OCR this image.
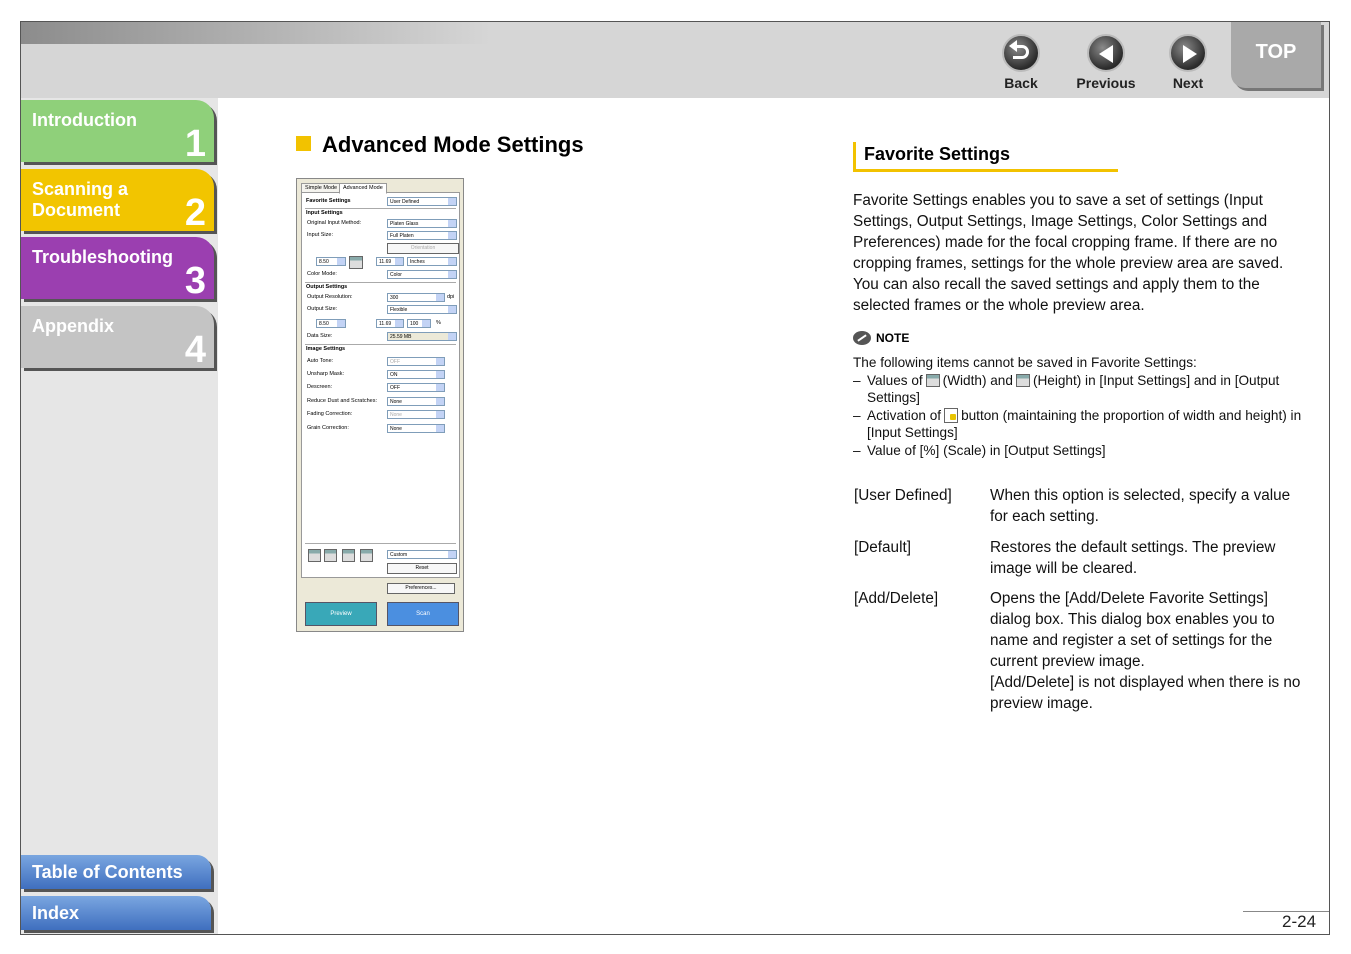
Back	Previous	Next
TOP
Introduction
1
Scanning a Document	2
Troubleshooting
3
Appendix
4
Table of Contents
Index
Advanced Mode Settings
Simple Mode	Advanced Mode
Favorite Settings	User Defined
Input Settings
Original Input Method:	Platen Glass
Input Size:	Full Platen
Orientation
8.50	11.69	Inches
Color Mode:	Color
Output Settings
Output Resolution:	300	dpi
Output Size:	Flexible
8.50	11.69	100	%
Data Size:	25.59 MB
Image Settings
Auto Tone:	OFF
Unsharp Mask:	ON
Descreen:	OFF
Reduce Dust and Scratches:	None
Fading Correction:	None
Grain Correction:	None
Custom
Reset
Preferences...
Preview	Scan
Favorite Settings
Favorite Settings enables you to save a set of settings (Input Settings, Output Settings, Image Settings, Color Settings and Preferences) made for the focal cropping frame. If there are no cropping frames, settings for the whole preview area are saved. You can also recall the saved settings and apply them to the selected frames or the whole preview area.
NOTE
The following items cannot be saved in Favorite Settings:
– Values of (Width) and (Height) in [Input Settings] and in [Output Settings]
– Activation of button (maintaining the proportion of width and height) in [Input Settings]
– Value of [%] (Scale) in [Output Settings]
[User Defined] When this option is selected, specify a value for each setting.
[Default]	Restores the default settings. The preview image will be cleared.
[Add/Delete]	Opens the [Add/Delete Favorite Settings] dialog box. This dialog box enables you to name and register a set of settings for the current preview image.
[Add/Delete] is not displayed when there is no preview image.
2-24
